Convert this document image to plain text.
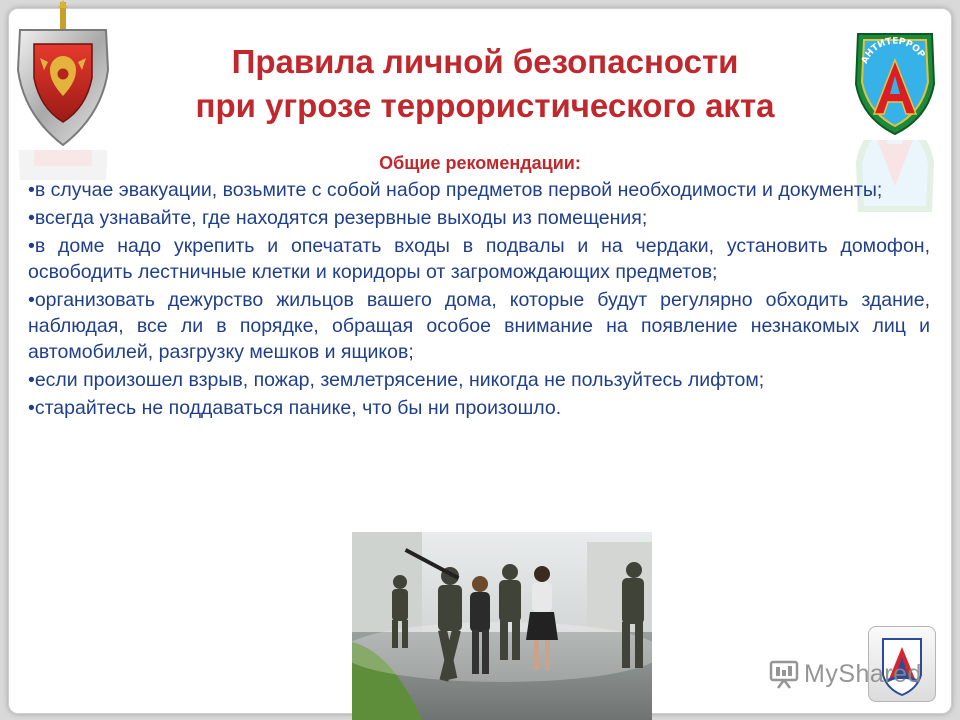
АНТИТЕРРОР
Правила личной безопасности
при угрозе террористического акта
Общие рекомендации:
•в случае эвакуации, возьмите с собой набор предметов первой необходимости и документы;
•всегда узнавайте, где находятся резервные выходы из помещения;
•в доме надо укрепить и опечатать входы в подвалы и на чердаки, установить домофон, освободить лестничные клетки и коридоры от загромождающих предметов;
•организовать дежурство жильцов вашего дома, которые будут регулярно обходить здание, наблюдая, все ли в порядке, обращая особое внимание на появление незнакомых лиц и автомобилей, разгрузку мешков и ящиков;
•если произошел взрыв, пожар, землетрясение, никогда не пользуйтесь лифтом;
•старайтесь не поддаваться панике, что бы ни произошло.
MyShared
